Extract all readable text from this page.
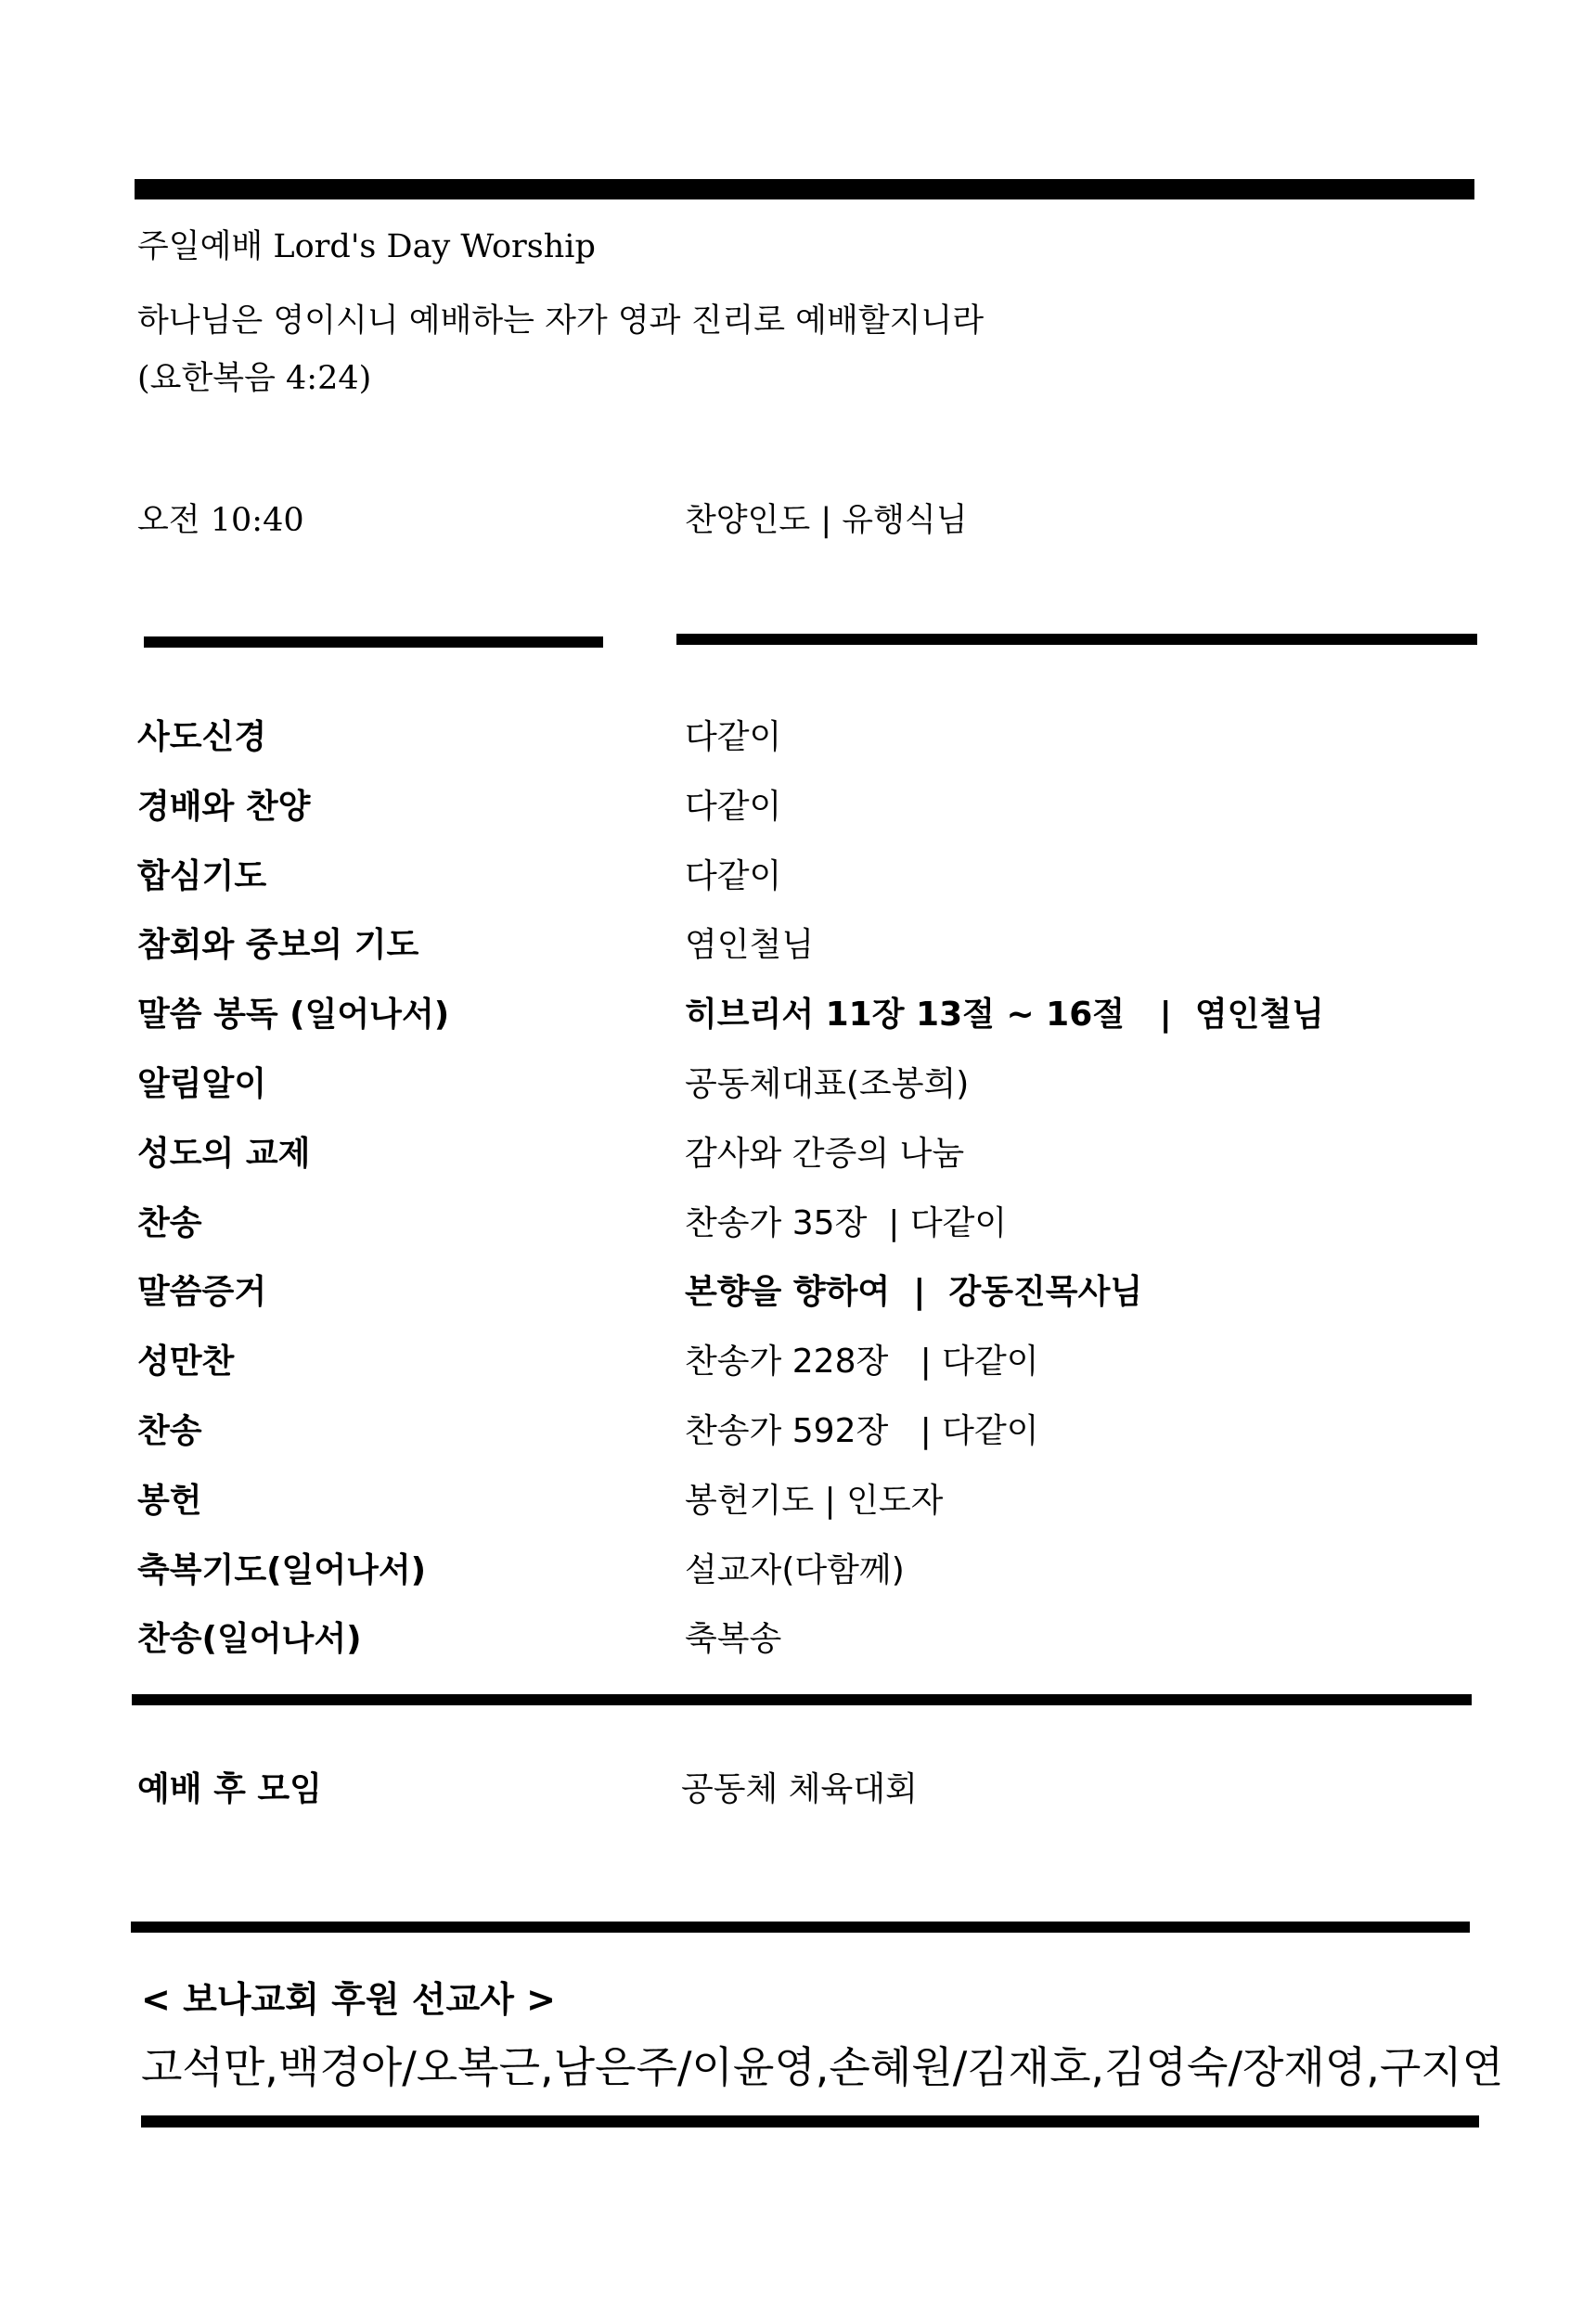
주일예배 Lord's Day Worship
하나님은 영이시니 예배하는 자가 영과 진리로 예배할지니라
(요한복음 4:24)
오전 10:40	찬양인도 | 유행식님
사도신경	다같이
경배와 찬양	다같이
합심기도	다같이
참회와 중보의 기도	염인철님
말씀 봉독 (일어나서)	히브리서 11장 13절 ~ 16절   |  염인철님
알림알이	공동체대표(조봉희)
성도의 교제	감사와 간증의 나눔
찬송	찬송가 35장  | 다같이
말씀증거	본향을 향하여  |  강동진목사님
성만찬	찬송가 228장   | 다같이
찬송	찬송가 592장   | 다같이
봉헌	봉헌기도 | 인도자
축복기도(일어나서)	설교자(다함께)
찬송(일어나서)	축복송
예배 후 모임	공동체 체육대회
< 보나교회 후원 선교사 >
고석만,백경아/오복근,남은주/이윤영,손혜원/김재호,김영숙/장재영,구지연
